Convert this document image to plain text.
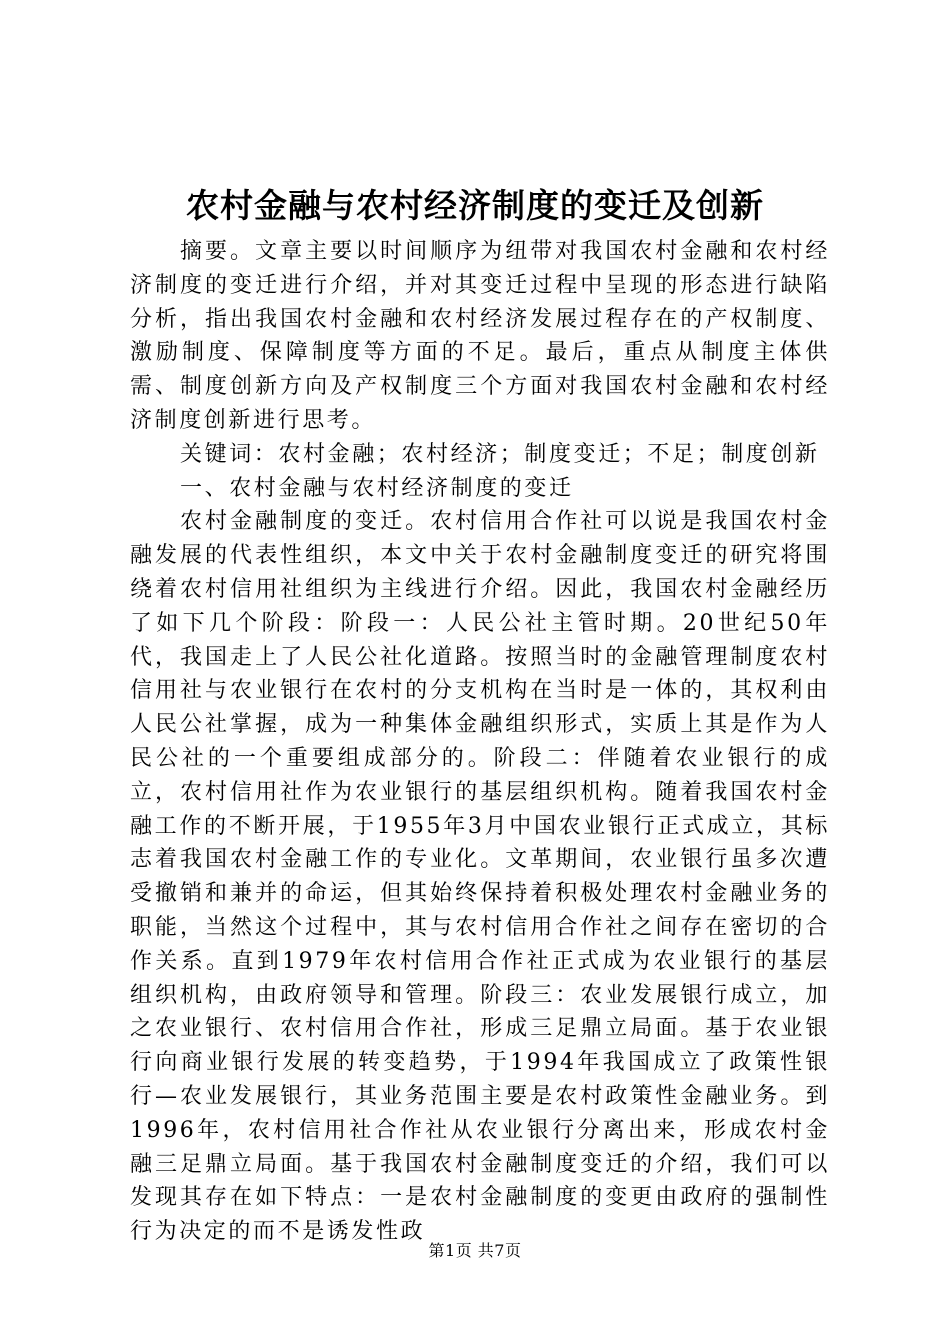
农村金融与农村经济制度的变迁及创新

摘要。文章主要以时间顺序为纽带对我国农村金融和农村经济制度的变迁进行介绍，并对其变迁过程中呈现的形态进行缺陷分析，指出我国农村金融和农村经济发展过程存在的产权制度、激励制度、保障制度等方面的不足。最后，重点从制度主体供需、制度创新方向及产权制度三个方面对我国农村金融和农村经济制度创新进行思考。

关键词：农村金融；农村经济；制度变迁；不足；制度创新

一、农村金融与农村经济制度的变迁

农村金融制度的变迁。农村信用合作社可以说是我国农村金融发展的代表性组织，本文中关于农村金融制度变迁的研究将围绕着农村信用社组织为主线进行介绍。因此，我国农村金融经历了如下几个阶段：阶段一：人民公社主管时期。20世纪50年代，我国走上了人民公社化道路。按照当时的金融管理制度农村信用社与农业银行在农村的分支机构在当时是一体的，其权利由人民公社掌握，成为一种集体金融组织形式，实质上其是作为人民公社的一个重要组成部分的。阶段二：伴随着农业银行的成立，农村信用社作为农业银行的基层组织机构。随着我国农村金融工作的不断开展，于1955年3月中国农业银行正式成立，其标志着我国农村金融工作的专业化。文革期间，农业银行虽多次遭受撤销和兼并的命运，但其始终保持着积极处理农村金融业务的职能，当然这个过程中，其与农村信用合作社之间存在密切的合作关系。直到1979年农村信用合作社正式成为农业银行的基层组织机构，由政府领导和管理。阶段三：农业发展银行成立，加之农业银行、农村信用合作社，形成三足鼎立局面。基于农业银行向商业银行发展的转变趋势，于1994年我国成立了政策性银行—农业发展银行，其业务范围主要是农村政策性金融业务。到1996年，农村信用社合作社从农业银行分离出来，形成农村金融三足鼎立局面。基于我国农村金融制度变迁的介绍，我们可以发现其存在如下特点：一是农村金融制度的变更由政府的强制性行为决定的而不是诱发性政

第1页 共7页
